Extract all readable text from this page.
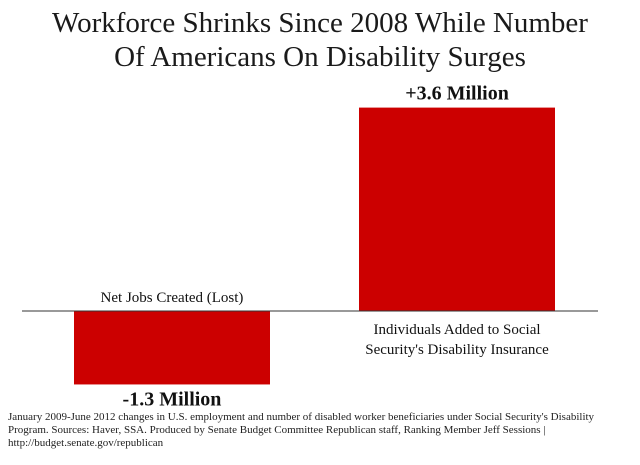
Workforce Shrinks Since 2008 While Number
Of Americans On Disability Surges
-1.3 Million
Net Jobs Created (Lost)
+3.6 Million
Individuals Added to Social
Security's Disability Insurance
January 2009-June 2012 changes in U.S. employment and number of disabled worker beneficiaries under Social Security's Disability Program. Sources: Haver, SSA. Produced by Senate Budget Committee Republican staff, Ranking Member Jeff Sessions | http://budget.senate.gov/republican
